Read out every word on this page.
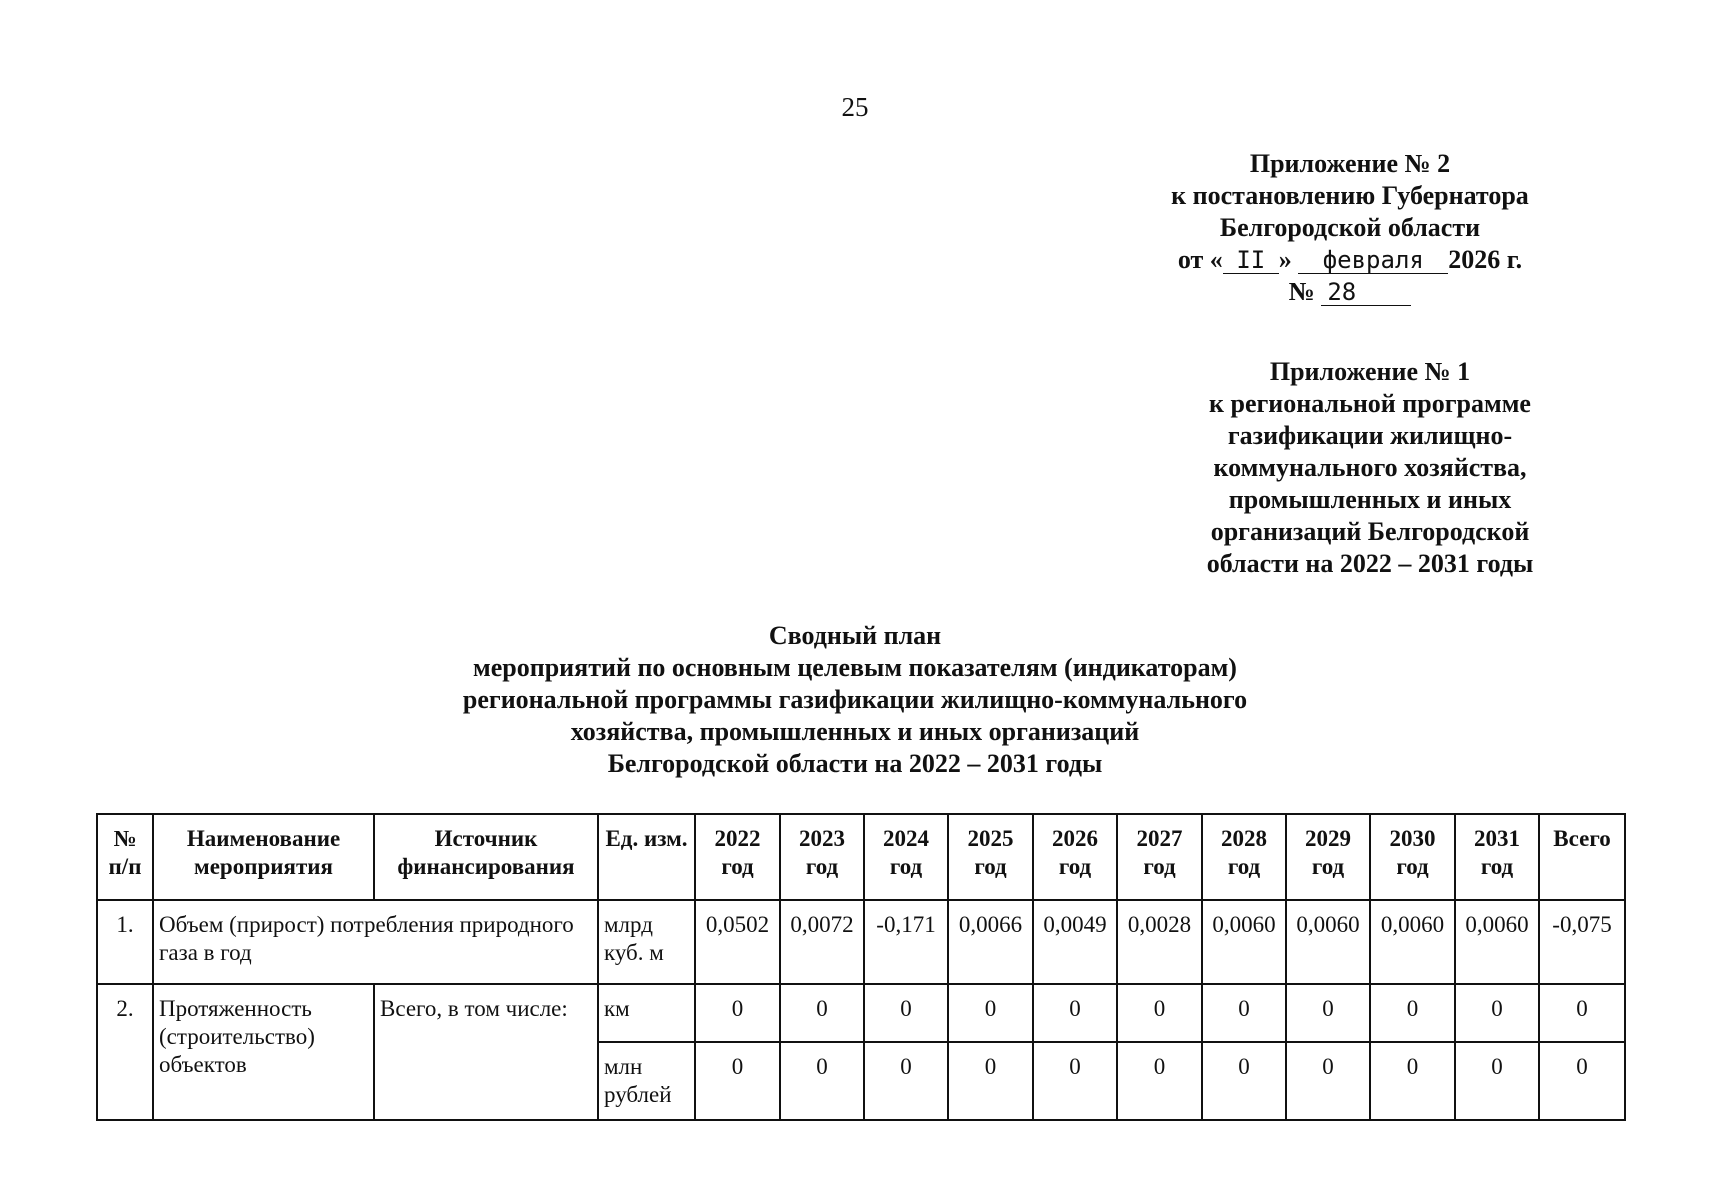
25
Приложение № 2
к постановлению Губернатора
Белгородской области
от « II » февраля 2026 г.
№ 28
Приложение № 1
к региональной программе
газификации жилищно-
коммунального хозяйства,
промышленных и иных
организаций Белгородской
области на 2022 – 2031 годы
Сводный план
мероприятий по основным целевым показателям (индикаторам)
региональной программы газификации жилищно-коммунального
хозяйства, промышленных и иных организаций
Белгородской области на 2022 – 2031 годы
№ п/п	Наименование мероприятия	Источник финансирования	Ед. изм.	2022 год	2023 год	2024 год	2025 год	2026 год	2027 год	2028 год	2029 год	2030 год	2031 год	Всего
1.	Объем (прирост) потребления природного газа в год		млрд куб. м	0,0502	0,0072	-0,171	0,0066	0,0049	0,0028	0,0060	0,0060	0,0060	0,0060	-0,075
2.	Протяженность (строительство) объектов	Всего, в том числе:	км	0	0	0	0	0	0	0	0	0	0	0
			млн рублей	0	0	0	0	0	0	0	0	0	0	0
